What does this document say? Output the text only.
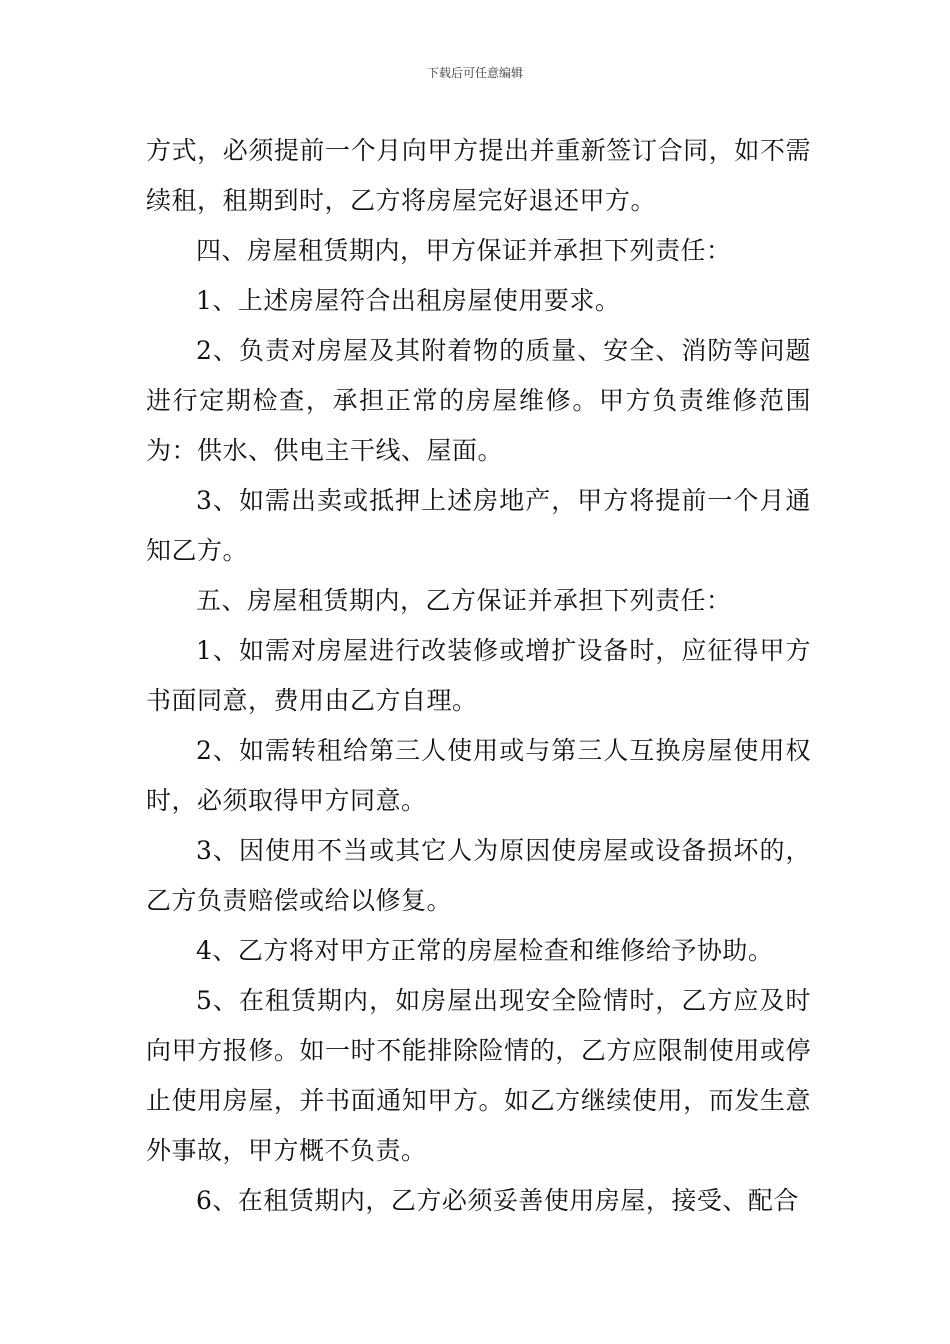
下载后可任意编辑

方式，必须提前一个月向甲方提出并重新签订合同，如不需续租，租期到时，乙方将房屋完好退还甲方。

四、房屋租赁期内，甲方保证并承担下列责任：

1、上述房屋符合出租房屋使用要求。

2、负责对房屋及其附着物的质量、安全、消防等问题进行定期检查，承担正常的房屋维修。甲方负责维修范围为：供水、供电主干线、屋面。

3、如需出卖或抵押上述房地产，甲方将提前一个月通知乙方。

五、房屋租赁期内，乙方保证并承担下列责任：

1、如需对房屋进行改装修或增扩设备时，应征得甲方书面同意，费用由乙方自理。

2、如需转租给第三人使用或与第三人互换房屋使用权时，必须取得甲方同意。

3、因使用不当或其它人为原因使房屋或设备损坏的，乙方负责赔偿或给以修复。

4、乙方将对甲方正常的房屋检查和维修给予协助。

5、在租赁期内，如房屋出现安全险情时，乙方应及时向甲方报修。如一时不能排除险情的，乙方应限制使用或停止使用房屋，并书面通知甲方。如乙方继续使用，而发生意外事故，甲方概不负责。

6、在租赁期内，乙方必须妥善使用房屋，接受、配合
